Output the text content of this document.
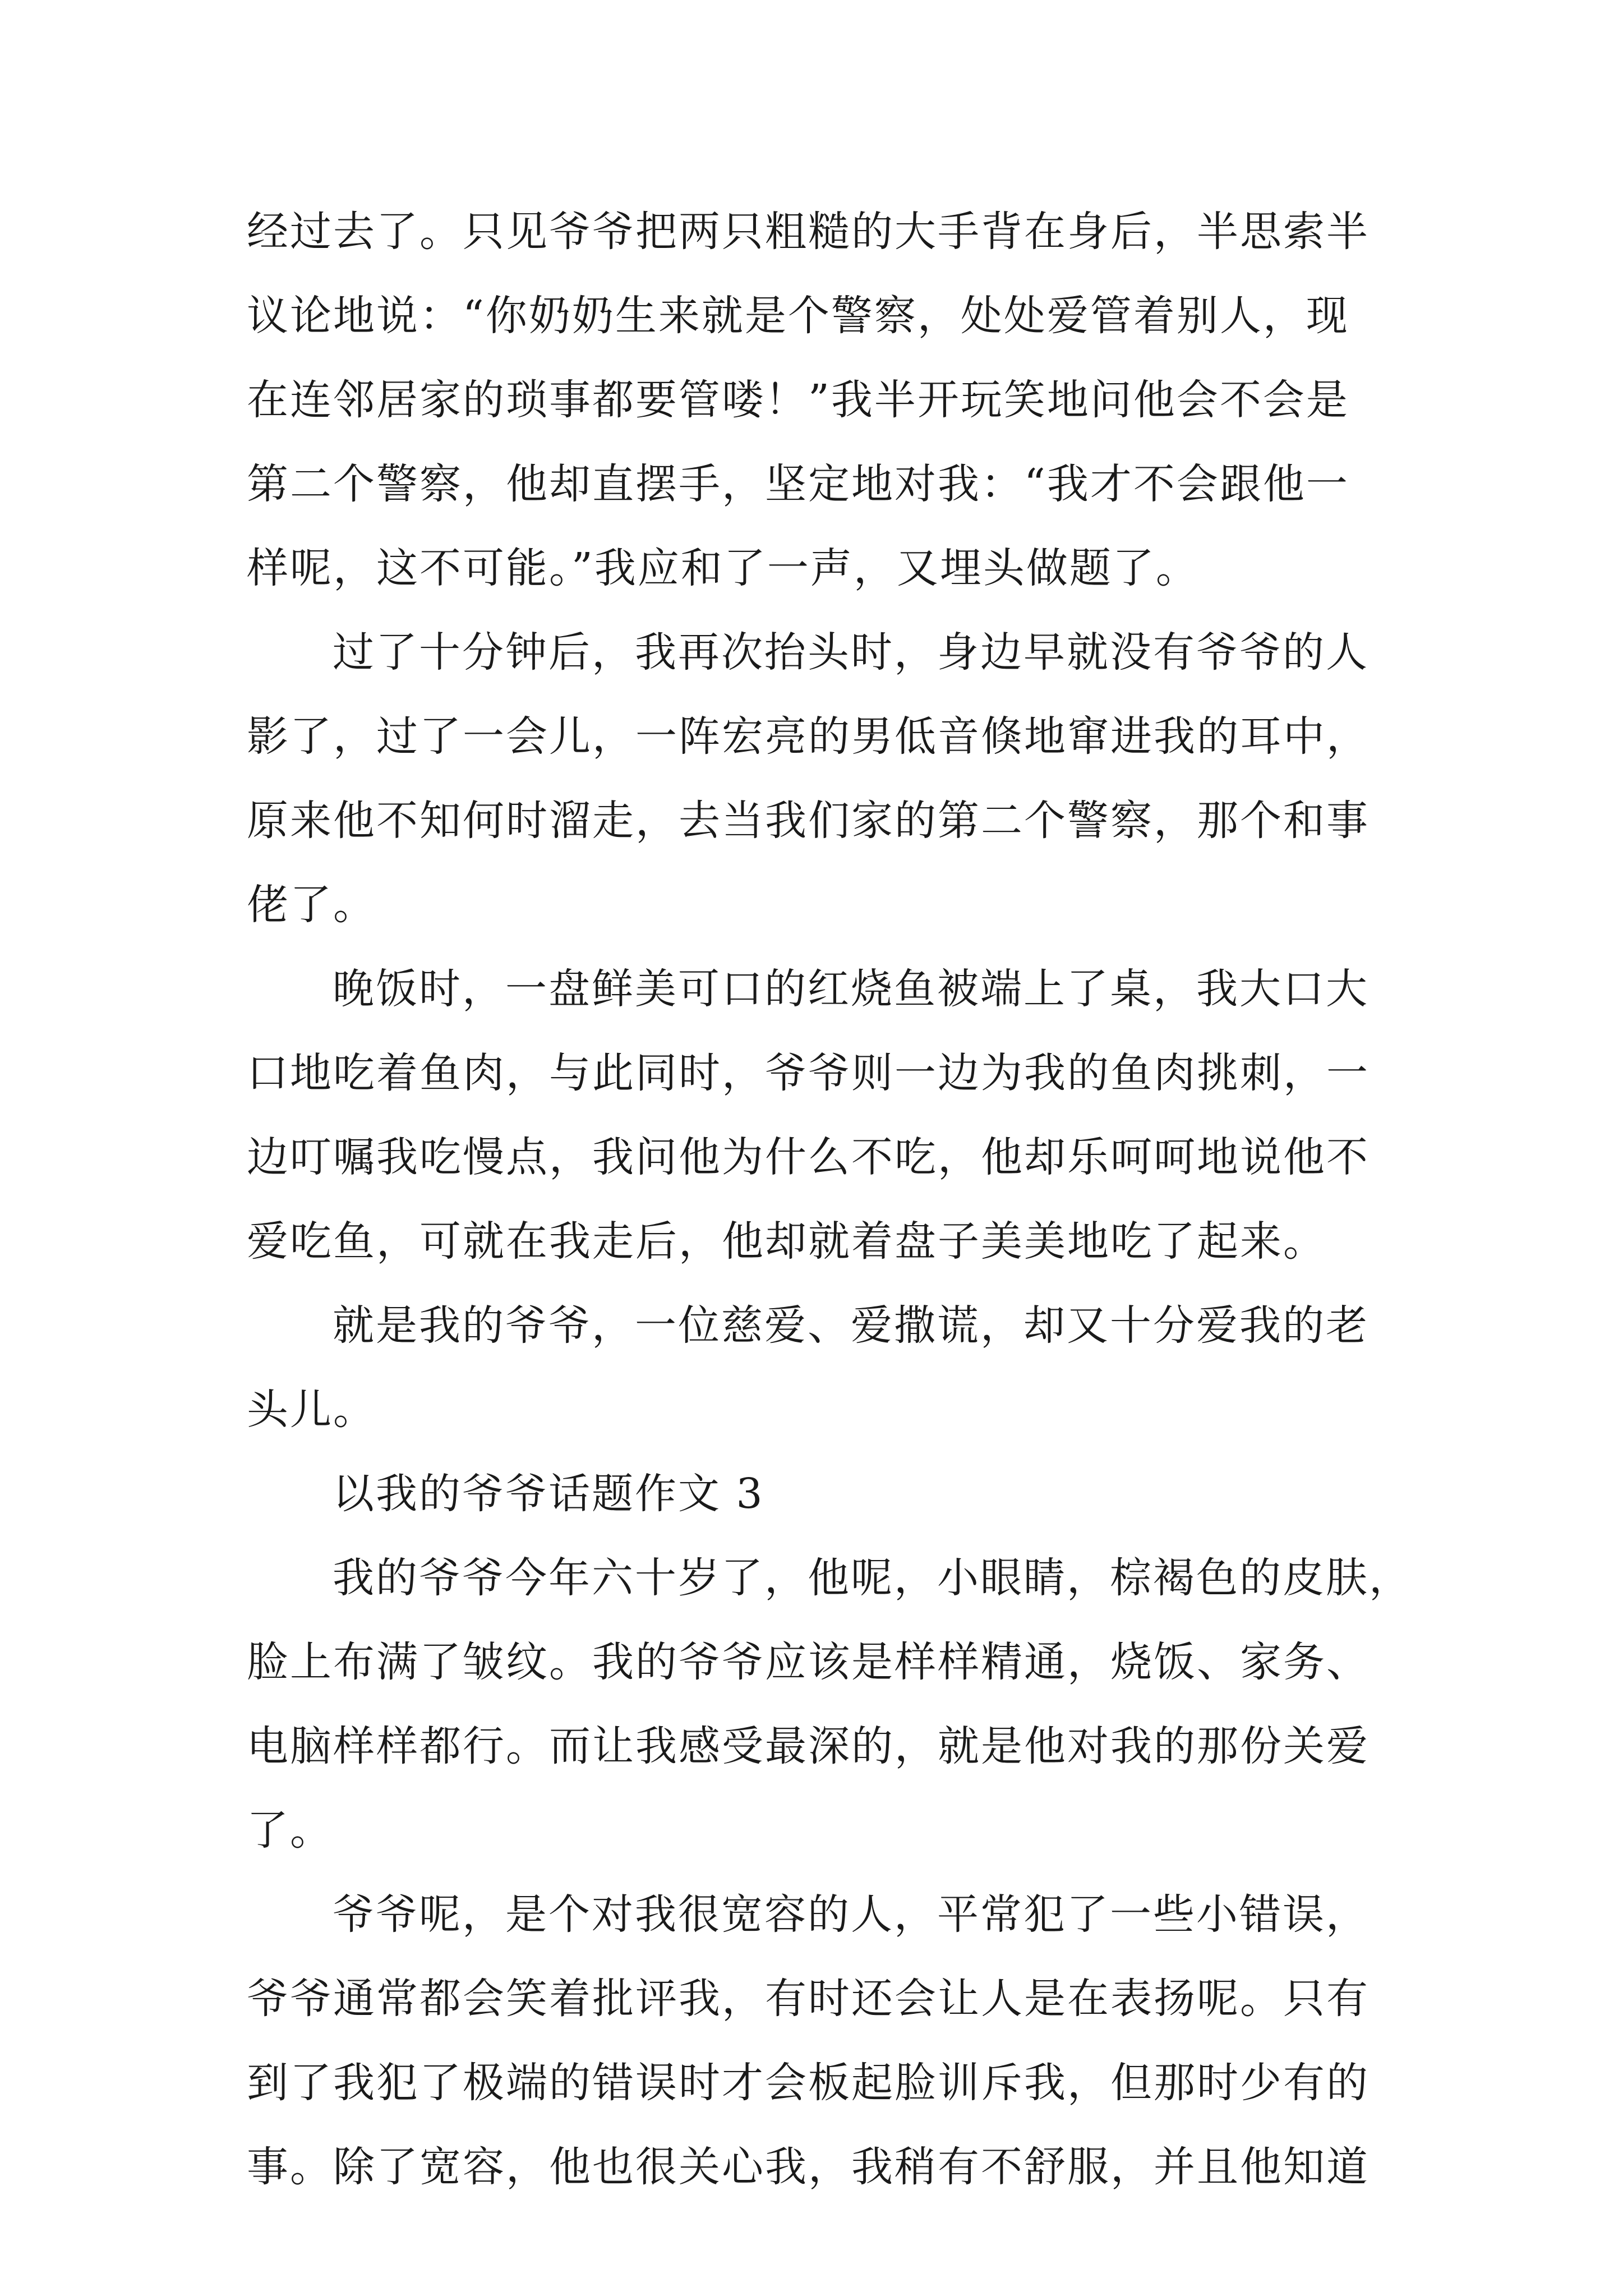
经过去了。只见爷爷把两只粗糙的大手背在身后，半思索半

议论地说：“你奶奶生来就是个警察，处处爱管着别人，现

在连邻居家的琐事都要管喽！”我半开玩笑地问他会不会是

第二个警察，他却直摆手，坚定地对我：“我才不会跟他一

样呢，这不可能。”我应和了一声，又埋头做题了。

过了十分钟后，我再次抬头时，身边早就没有爷爷的人

影了，过了一会儿，一阵宏亮的男低音倏地窜进我的耳中，

原来他不知何时溜走，去当我们家的第二个警察，那个和事

佬了。

晚饭时，一盘鲜美可口的红烧鱼被端上了桌，我大口大

口地吃着鱼肉，与此同时，爷爷则一边为我的鱼肉挑刺，一

边叮嘱我吃慢点，我问他为什么不吃，他却乐呵呵地说他不

爱吃鱼，可就在我走后，他却就着盘子美美地吃了起来。

就是我的爷爷，一位慈爱、爱撒谎，却又十分爱我的老

头儿。

以我的爷爷话题作文 3

我的爷爷今年六十岁了，他呢，小眼睛，棕褐色的皮肤，

脸上布满了皱纹。我的爷爷应该是样样精通，烧饭、家务、

电脑样样都行。而让我感受最深的，就是他对我的那份关爱

了。

爷爷呢，是个对我很宽容的人，平常犯了一些小错误，

爷爷通常都会笑着批评我，有时还会让人是在表扬呢。只有

到了我犯了极端的错误时才会板起脸训斥我，但那时少有的

事。除了宽容，他也很关心我，我稍有不舒服，并且他知道
